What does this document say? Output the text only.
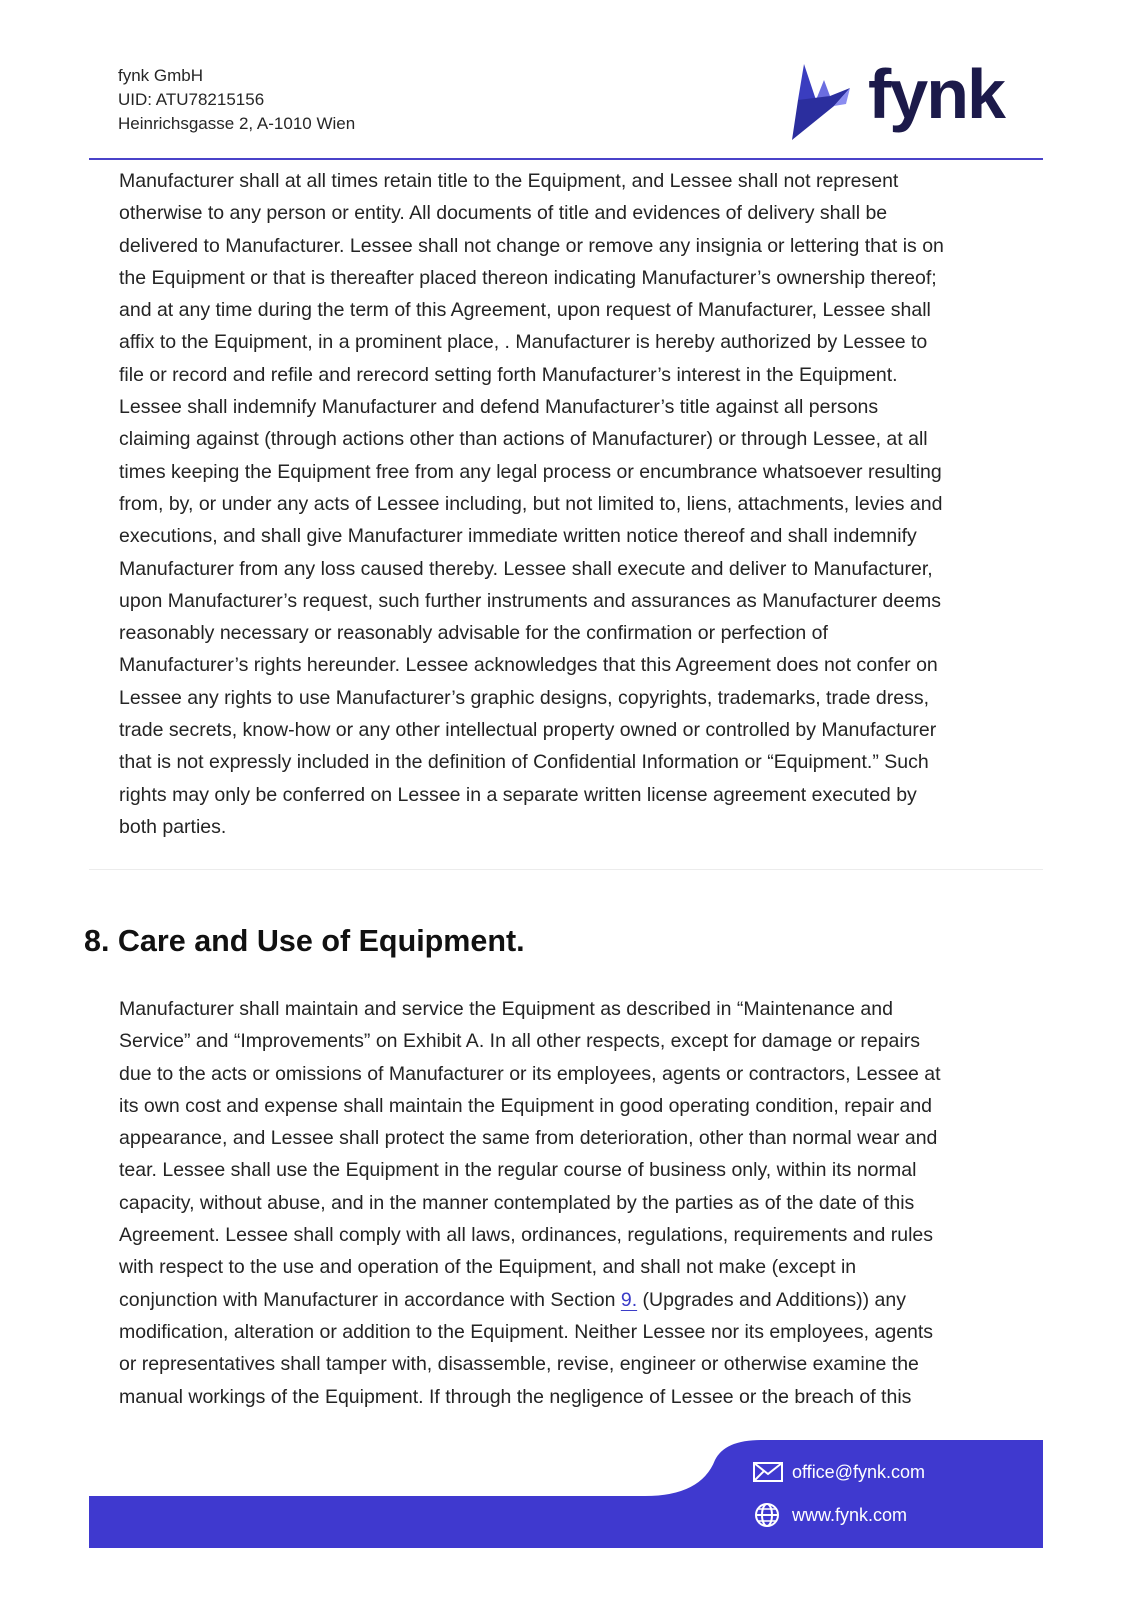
fynk GmbH
UID: ATU78215156
Heinrichsgasse 2, A-1010 Wien	fynk
Manufacturer shall at all times retain title to the Equipment, and Lessee shall not represent
otherwise to any person or entity. All documents of title and evidences of delivery shall be
delivered to Manufacturer. Lessee shall not change or remove any insignia or lettering that is on
the Equipment or that is thereafter placed thereon indicating Manufacturer’s ownership thereof;
and at any time during the term of this Agreement, upon request of Manufacturer, Lessee shall
affix to the Equipment, in a prominent place, . Manufacturer is hereby authorized by Lessee to
file or record and refile and rerecord setting forth Manufacturer’s interest in the Equipment.
Lessee shall indemnify Manufacturer and defend Manufacturer’s title against all persons
claiming against (through actions other than actions of Manufacturer) or through Lessee, at all
times keeping the Equipment free from any legal process or encumbrance whatsoever resulting
from, by, or under any acts of Lessee including, but not limited to, liens, attachments, levies and
executions, and shall give Manufacturer immediate written notice thereof and shall indemnify
Manufacturer from any loss caused thereby. Lessee shall execute and deliver to Manufacturer,
upon Manufacturer’s request, such further instruments and assurances as Manufacturer deems
reasonably necessary or reasonably advisable for the confirmation or perfection of
Manufacturer’s rights hereunder. Lessee acknowledges that this Agreement does not confer on
Lessee any rights to use Manufacturer’s graphic designs, copyrights, trademarks, trade dress,
trade secrets, know-how or any other intellectual property owned or controlled by Manufacturer
that is not expressly included in the definition of Confidential Information or “Equipment.” Such
rights may only be conferred on Lessee in a separate written license agreement executed by
both parties.
8. Care and Use of Equipment.
Manufacturer shall maintain and service the Equipment as described in “Maintenance and
Service” and “Improvements” on Exhibit A. In all other respects, except for damage or repairs
due to the acts or omissions of Manufacturer or its employees, agents or contractors, Lessee at
its own cost and expense shall maintain the Equipment in good operating condition, repair and
appearance, and Lessee shall protect the same from deterioration, other than normal wear and
tear. Lessee shall use the Equipment in the regular course of business only, within its normal
capacity, without abuse, and in the manner contemplated by the parties as of the date of this
Agreement. Lessee shall comply with all laws, ordinances, regulations, requirements and rules
with respect to the use and operation of the Equipment, and shall not make (except in
conjunction with Manufacturer in accordance with Section 9. (Upgrades and Additions)) any
modification, alteration or addition to the Equipment. Neither Lessee nor its employees, agents
or representatives shall tamper with, disassemble, revise, engineer or otherwise examine the
manual workings of the Equipment. If through the negligence of Lessee or the breach of this
office@fynk.com
www.fynk.com
